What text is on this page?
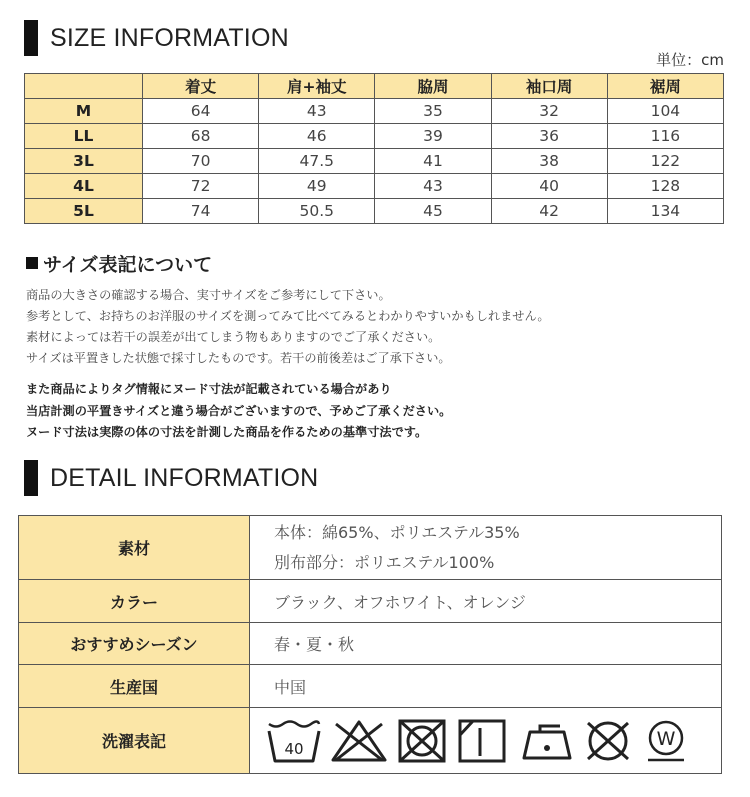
SIZE INFORMATION
単位：cm
	着丈	肩+袖丈	脇周	袖口周	裾周
M	64	43	35	32	104
LL	68	46	39	36	116
3L	70	47.5	41	38	122
4L	72	49	43	40	128
5L	74	50.5	45	42	134
サイズ表記について
商品の大きさの確認する場合、実寸サイズをご参考にして下さい。
参考として、お持ちのお洋服のサイズを測ってみて比べてみるとわかりやすいかもしれません。
素材によっては若干の誤差が出てしまう物もありますのでご了承ください。
サイズは平置きした状態で採寸したものです。若干の前後差はご了承下さい。
また商品によりタグ情報にヌード寸法が記載されている場合があり
当店計測の平置きサイズと違う場合がございますので、予めご了承ください。
ヌード寸法は実際の体の寸法を計測した商品を作るための基準寸法です。
DETAIL INFORMATION
素材	本体：綿65%、ポリエステル35%
別布部分：ポリエステル100%

カラー	ブラック、オフホワイト、オレンジ
おすすめシーズン	春・夏・秋
生産国	中国
洗濯表記	40 W
